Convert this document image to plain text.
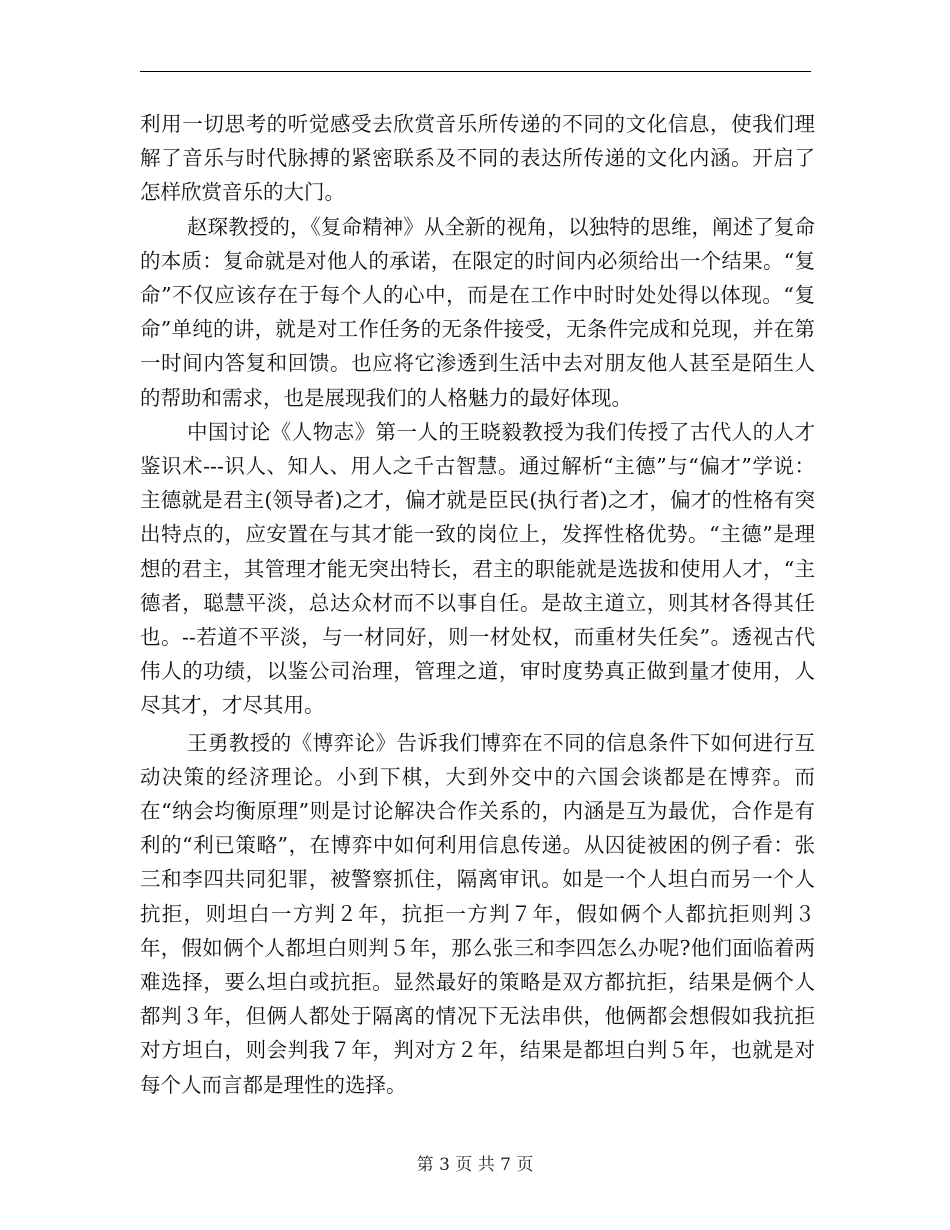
利用一切思考的听觉感受去欣赏音乐所传递的不同的文化信息，使我们理解了音乐与时代脉搏的紧密联系及不同的表达所传递的文化内涵。开启了怎样欣赏音乐的大门。

赵琛教授的，《复命精神》从全新的视角，以独特的思维，阐述了复命的本质：复命就是对他人的承诺，在限定的时间内必须给出一个结果。“复命”不仅应该存在于每个人的心中，而是在工作中时时处处得以体现。“复命”单纯的讲，就是对工作任务的无条件接受，无条件完成和兑现，并在第一时间内答复和回馈。也应将它渗透到生活中去对朋友他人甚至是陌生人的帮助和需求，也是展现我们的人格魅力的最好体现。

中国讨论《人物志》第一人的王晓毅教授为我们传授了古代人的人才鉴识术---识人、知人、用人之千古智慧。通过解析“主德”与“偏才”学说：主德就是君主(领导者)之才，偏才就是臣民(执行者)之才，偏才的性格有突出特点的，应安置在与其才能一致的岗位上，发挥性格优势。“主德”是理想的君主，其管理才能无突出特长，君主的职能就是选拔和使用人才，“主德者，聪慧平淡，总达众材而不以事自任。是故主道立，则其材各得其任也。--若道不平淡，与一材同好，则一材处权，而重材失任矣”。透视古代伟人的功绩，以鉴公司治理，管理之道，审时度势真正做到量才使用，人尽其才，才尽其用。

王勇教授的《博弈论》告诉我们博弈在不同的信息条件下如何进行互动决策的经济理论。小到下棋，大到外交中的六国会谈都是在博弈。而在“纳会均衡原理”则是讨论解决合作关系的，内涵是互为最优，合作是有利的“利已策略”，在博弈中如何利用信息传递。从囚徒被困的例子看：张三和李四共同犯罪，被警察抓住，隔离审讯。如是一个人坦白而另一个人抗拒，则坦白一方判２年，抗拒一方判７年，假如俩个人都抗拒则判３年，假如俩个人都坦白则判５年，那么张三和李四怎么办呢?他们面临着两难选择，要么坦白或抗拒。显然最好的策略是双方都抗拒，结果是俩个人都判３年，但俩人都处于隔离的情况下无法串供，他俩都会想假如我抗拒对方坦白，则会判我７年，判对方２年，结果是都坦白判５年，也就是对每个人而言都是理性的选择。

第 3 页 共 7 页
